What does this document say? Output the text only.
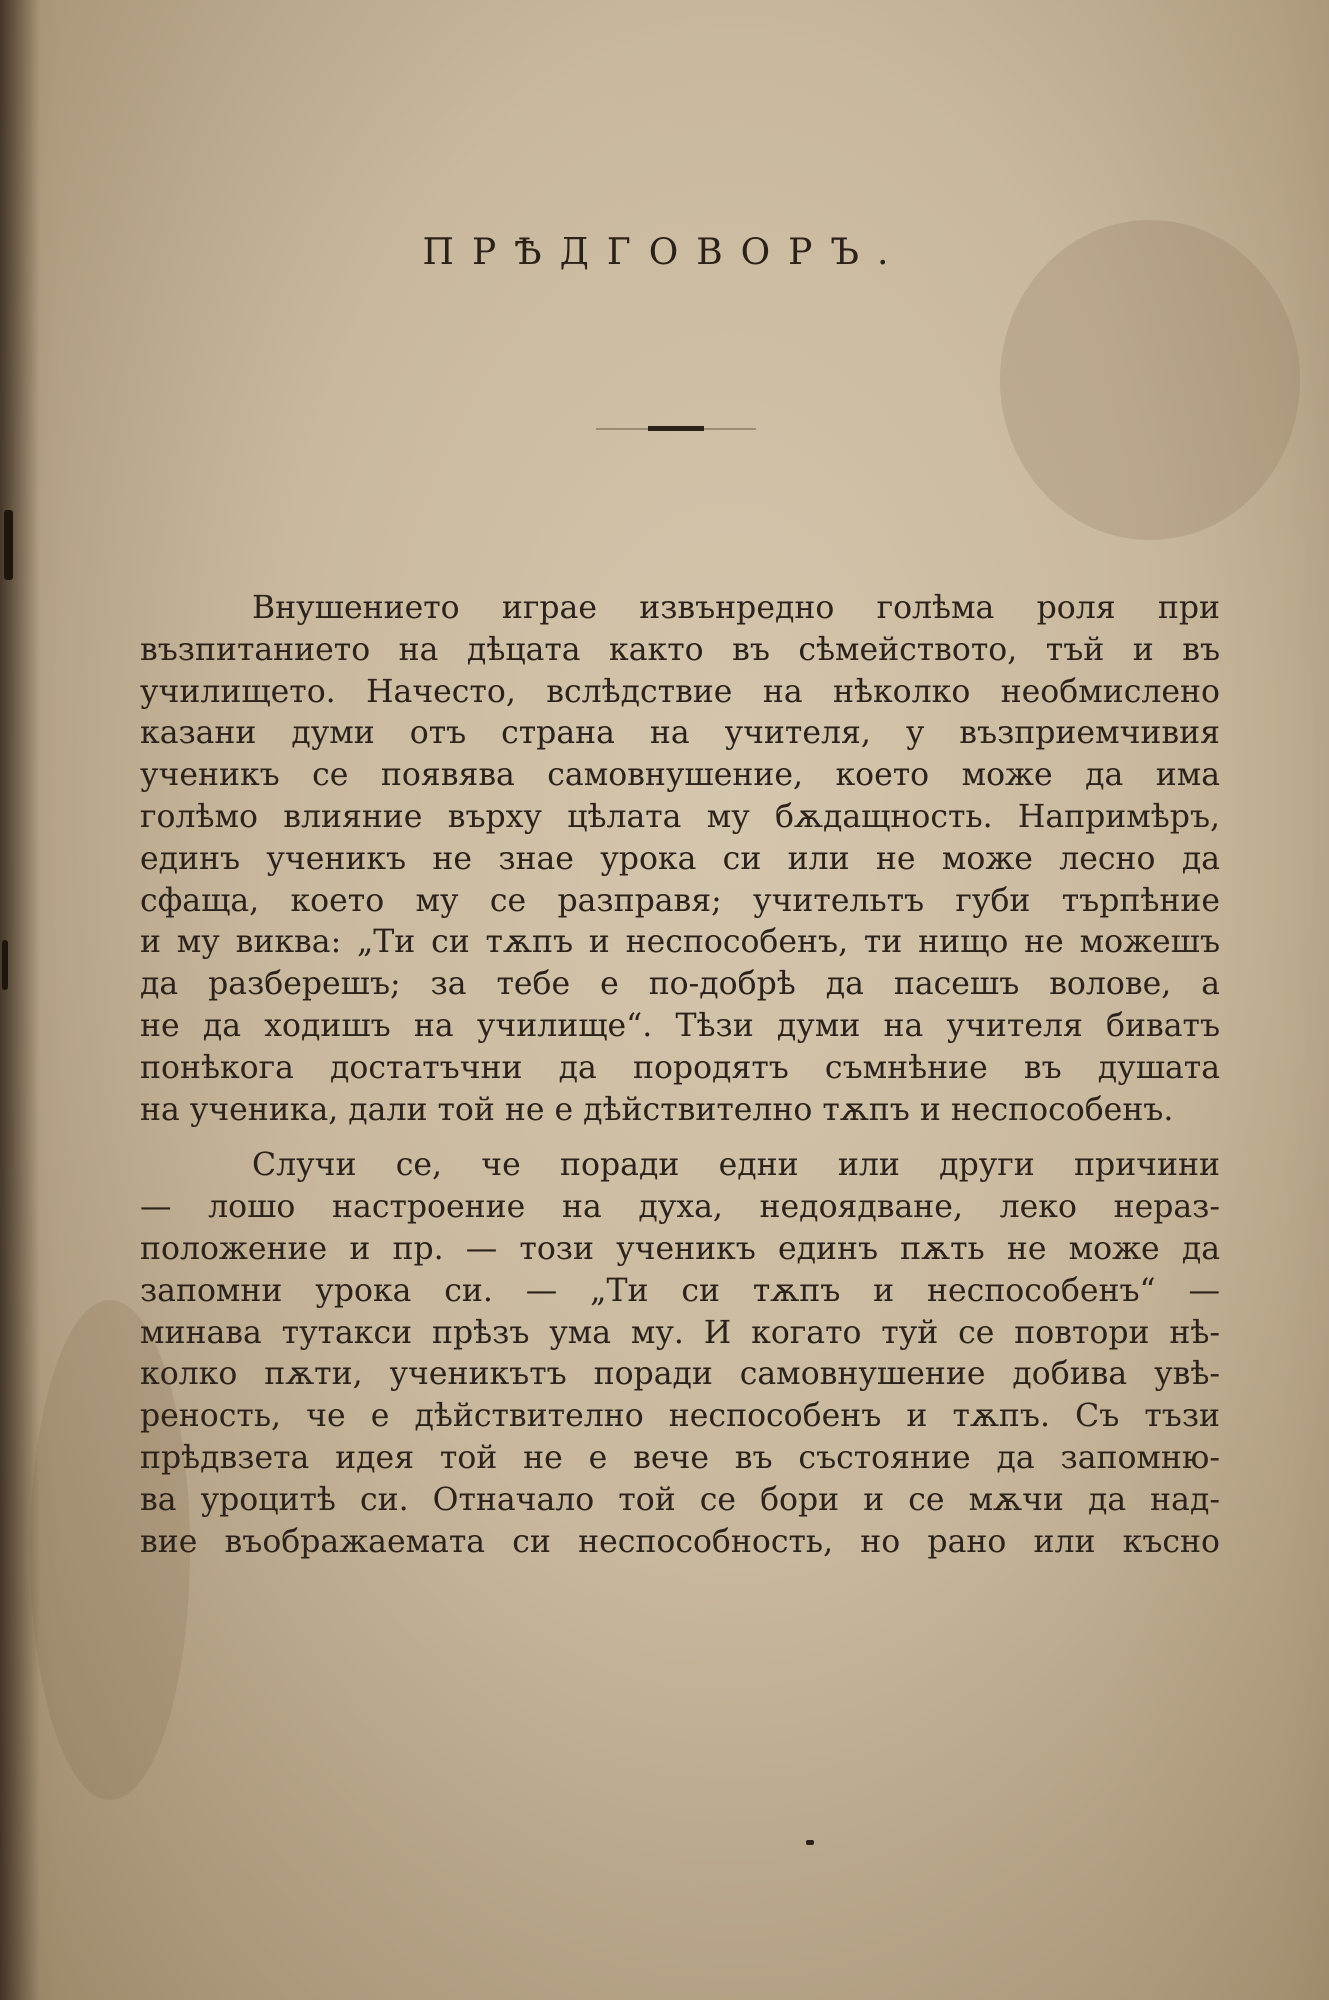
ПРѢДГОВОРЪ.
Внушението играе извънредно голѣма роля при
възпитанието на дѣцата както въ сѣмейството, тъй и въ
училището. Начесто, вслѣдствие на нѣколко необмислено
казани думи отъ страна на учителя, у възприемчивия
ученикъ се появява самовнушение, което може да има
голѣмо влияние върху цѣлата му бѫдащность. Напримѣръ,
единъ ученикъ не знае урока си или не може лесно да
сфаща, което му се разправя; учительтъ губи търпѣние
и му виква: „Ти си тѫпъ и неспособенъ, ти нищо не можешъ
да разберешъ; за тебе е по-добрѣ да пасешъ волове, а
не да ходишъ на училище“. Тѣзи думи на учителя биватъ
понѣкога достатъчни да породятъ съмнѣние въ душата
на ученика, дали той не е дѣйствително тѫпъ и неспособенъ.
Случи се, че поради едни или други причини
— лошо настроение на духа, недоядване, леко нераз-
положение и пр. — този ученикъ единъ пѫть не може да
запомни урока си. — „Ти си тѫпъ и неспособенъ“ —
минава тутакси прѣзъ ума му. И когато туй се повтори нѣ-
колко пѫти, ученикътъ поради самовнушение добива увѣ-
реность, че е дѣйствително неспособенъ и тѫпъ. Съ тъзи
прѣдвзета идея той не е вече въ състояние да запомню-
ва уроцитѣ си. Отначало той се бори и се мѫчи да над-
вие въображаемата си неспособность, но рано или късно
